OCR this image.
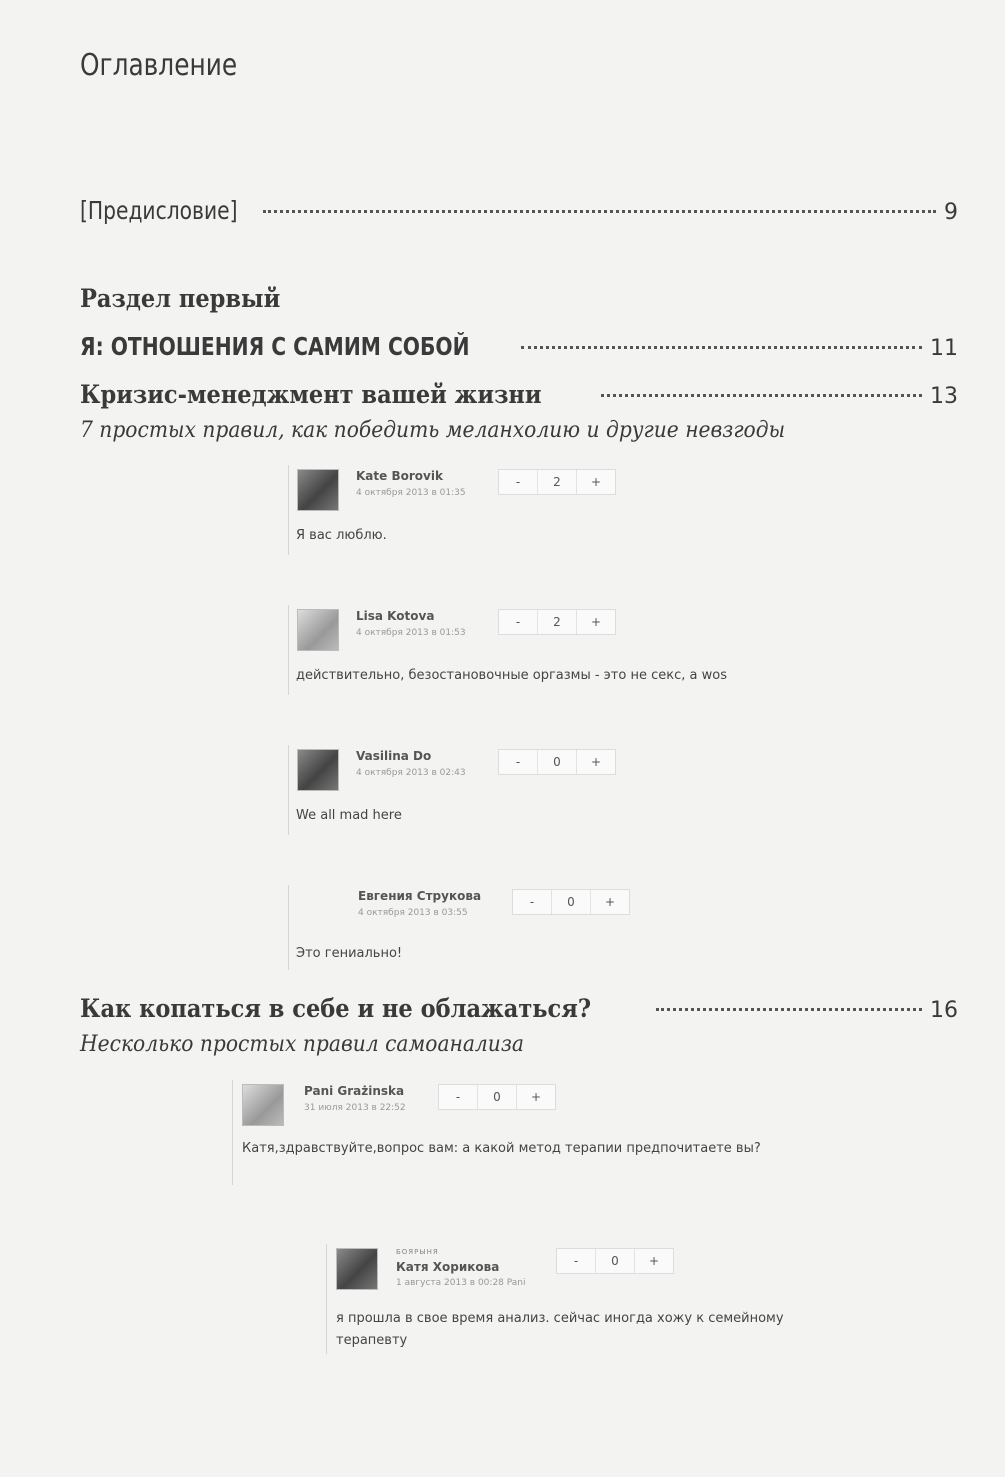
Оглавление
[Предисловие]	9
Раздел первый
Я: ОТНОШЕНИЯ С САМИМ СОБОЙ	11
Кризис-менеджмент вашей жизни	13
7 простых правил, как победить меланхолию и другие невзгоды
Kate Borovik
4 октября 2013 в 01:35
-	2	+
Я вас люблю.
Lisa Kotova
4 октября 2013 в 01:53
-	2	+
действительно, безостановочные оргазмы - это не секс, а wos
Vasilina Do
4 октября 2013 в 02:43
-	0	+
We all mad here
Евгения Струкова
4 октября 2013 в 03:55
-	0	+
Это гениально!
Как копаться в себе и не облажаться?	16
Несколько простых правил самоанализа
Pani Grażinska
31 июля 2013 в 22:52
-	0	+
Катя,здравствуйте,вопрос вам: а какой метод терапии предпочитаете вы?
БОЯРЫНЯ
Катя Хорикова
1 августа 2013 в 00:28 Pani
-	0	+
я прошла в свое время анализ. сейчас иногда хожу к семейному терапевту
